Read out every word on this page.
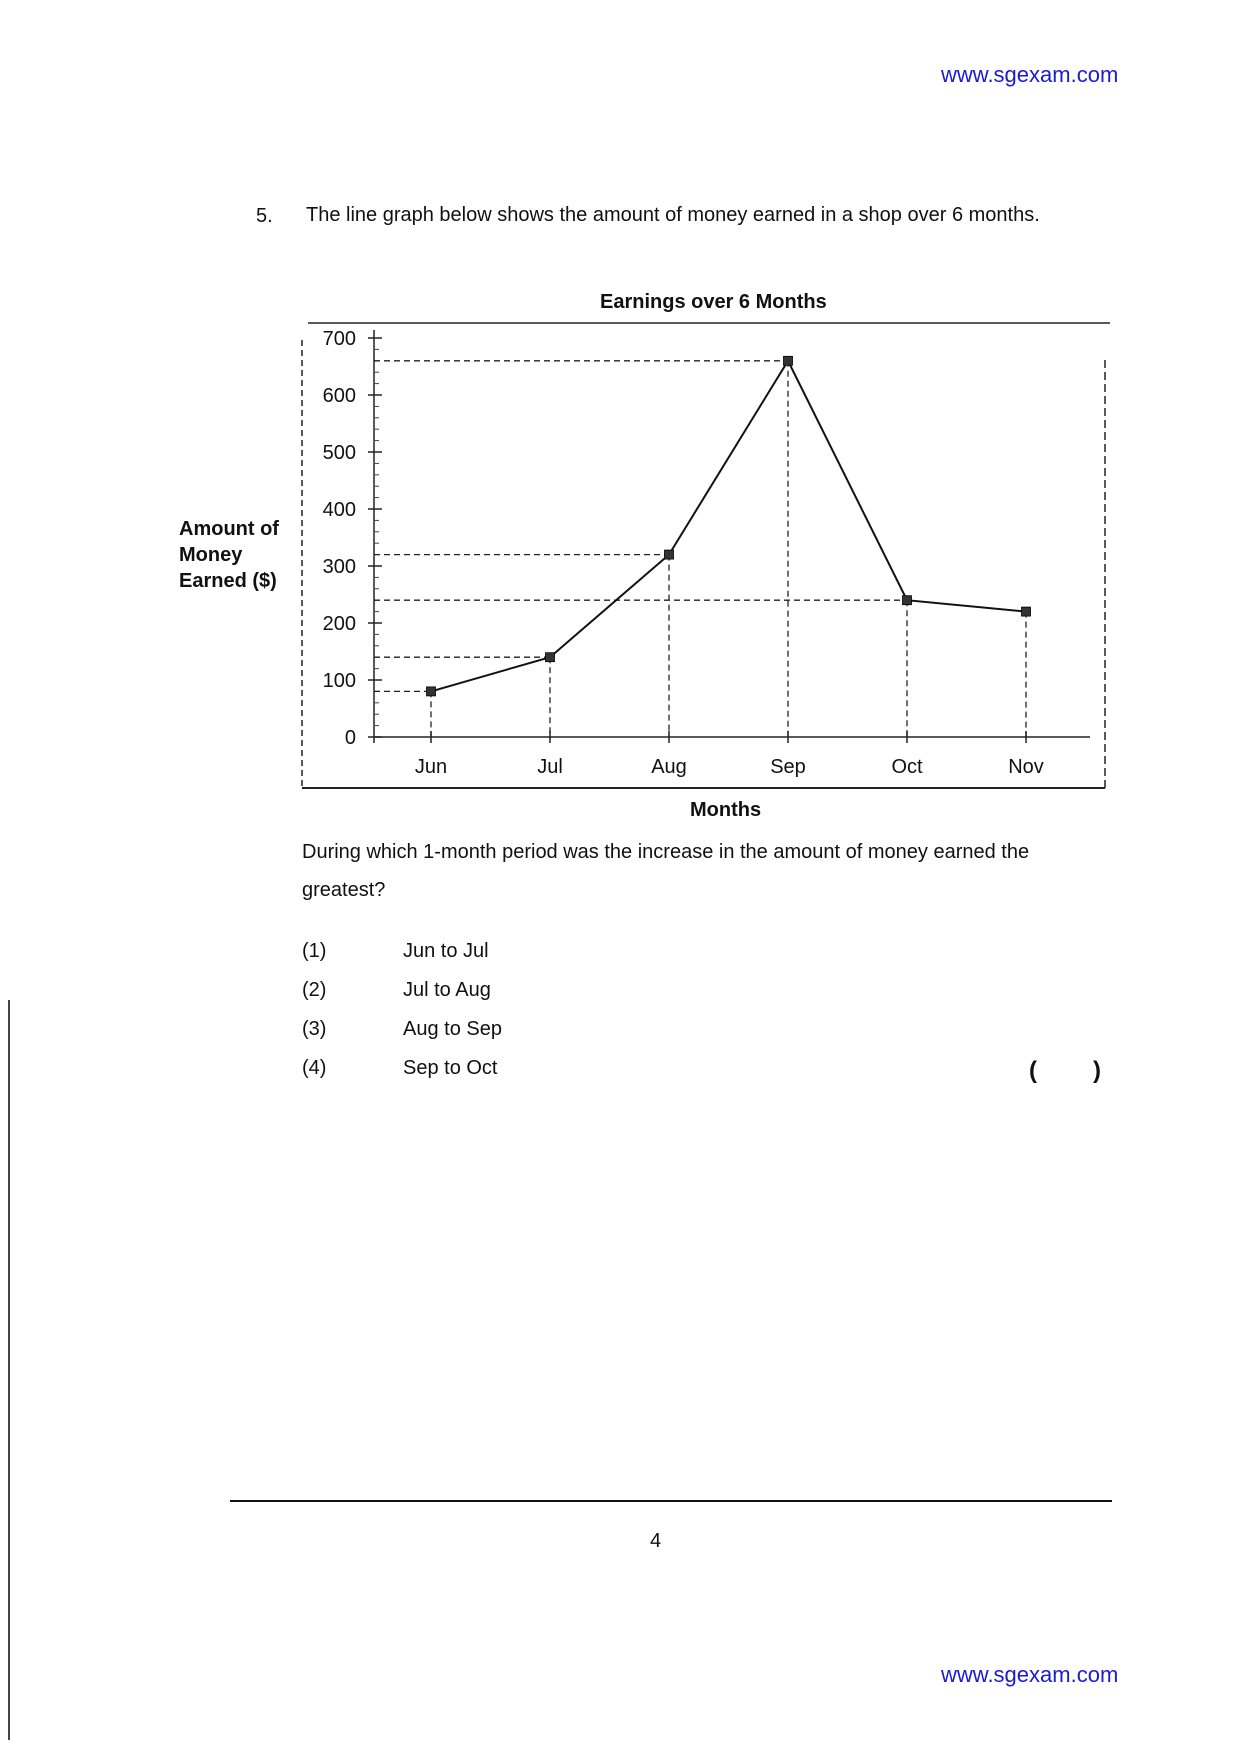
www.sgexam.com
5. The line graph below shows the amount of money earned in a shop over 6 months.
Earnings over 6 Months
Amount of Money Earned ($)
0
100
200
300
400
500
600
700
Jun	Jul	Aug	Sep	Oct	Nov
Months
During which 1-month period was the increase in the amount of money earned the greatest?
(1)	Jun to Jul
(2)	Jul to Aug
(3)	Aug to Sep
(4)	Sep to Oct	( )
4
www.sgexam.com
